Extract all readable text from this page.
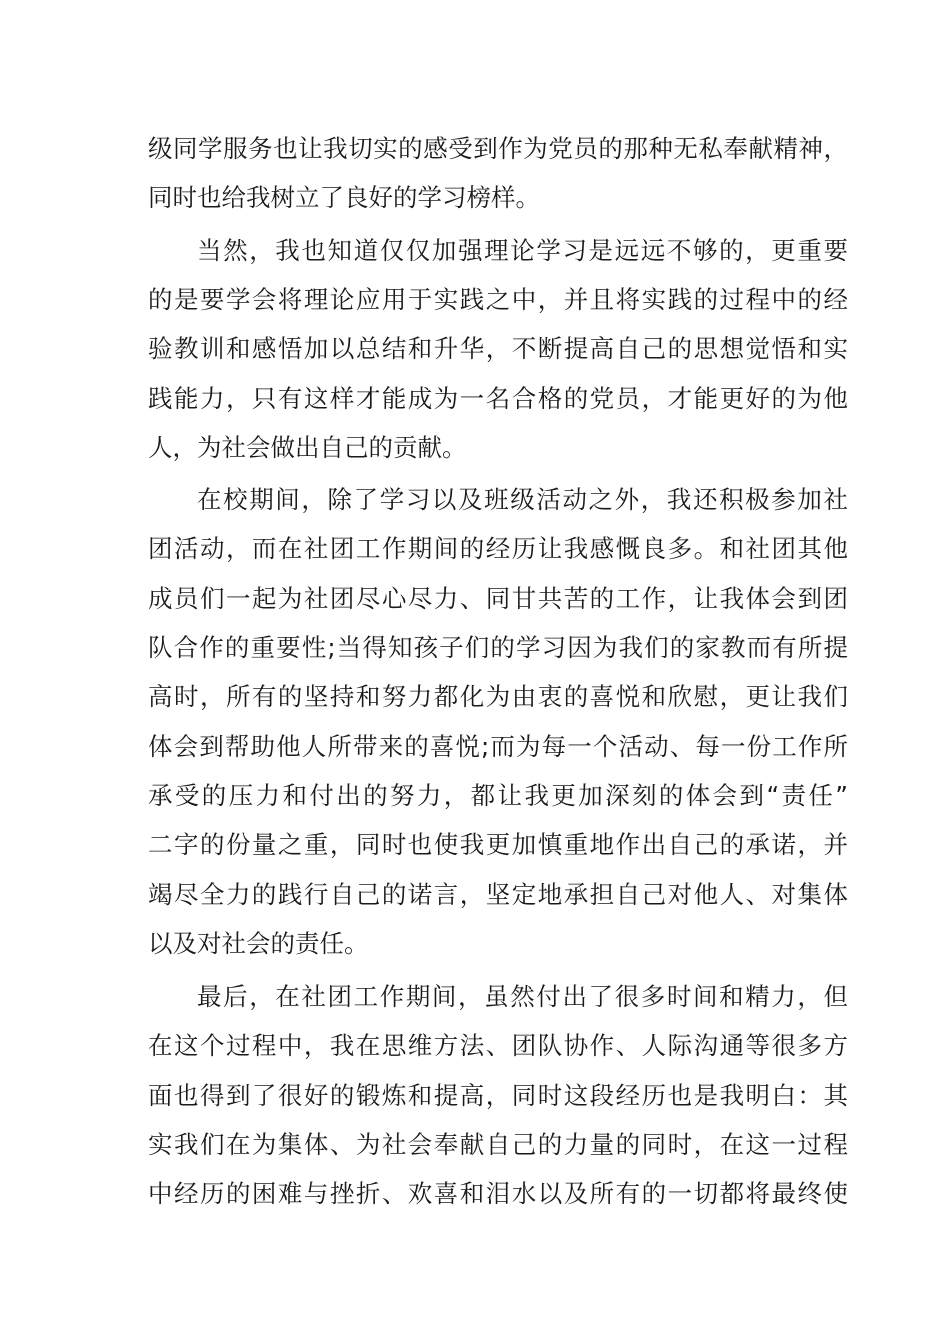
级同学服务也让我切实的感受到作为党员的那种无私奉献精神，
同时也给我树立了良好的学习榜样。
当然，我也知道仅仅加强理论学习是远远不够的，更重要
的是要学会将理论应用于实践之中，并且将实践的过程中的经
验教训和感悟加以总结和升华，不断提高自己的思想觉悟和实
践能力，只有这样才能成为一名合格的党员，才能更好的为他
人，为社会做出自己的贡献。
在校期间，除了学习以及班级活动之外，我还积极参加社
团活动，而在社团工作期间的经历让我感慨良多。和社团其他
成员们一起为社团尽心尽力、同甘共苦的工作，让我体会到团
队合作的重要性;当得知孩子们的学习因为我们的家教而有所提
高时，所有的坚持和努力都化为由衷的喜悦和欣慰，更让我们
体会到帮助他人所带来的喜悦;而为每一个活动、每一份工作所
承受的压力和付出的努力，都让我更加深刻的体会到“责任”
二字的份量之重，同时也使我更加慎重地作出自己的承诺，并
竭尽全力的践行自己的诺言，坚定地承担自己对他人、对集体
以及对社会的责任。
最后，在社团工作期间，虽然付出了很多时间和精力，但
在这个过程中，我在思维方法、团队协作、人际沟通等很多方
面也得到了很好的锻炼和提高，同时这段经历也是我明白：其
实我们在为集体、为社会奉献自己的力量的同时，在这一过程
中经历的困难与挫折、欢喜和泪水以及所有的一切都将最终使
